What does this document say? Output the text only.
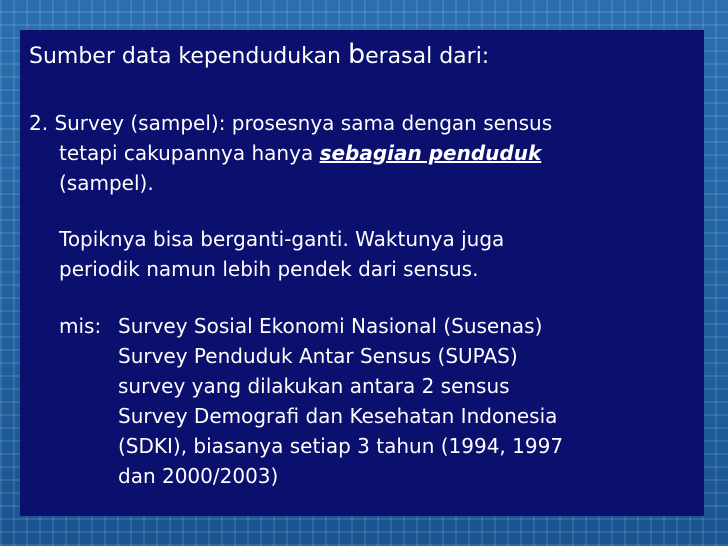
Sumber data kependudukan berasal dari:
2. Survey (sampel): prosesnya sama dengan sensus
tetapi cakupannya hanya sebagian penduduk
(sampel).
Topiknya bisa berganti-ganti. Waktunya juga
periodik namun lebih pendek dari sensus.
mis: Survey Sosial Ekonomi Nasional (Susenas)
Survey Penduduk Antar Sensus (SUPAS)
survey yang dilakukan antara 2 sensus
Survey Demografi dan Kesehatan Indonesia
(SDKI), biasanya setiap 3 tahun (1994, 1997
dan 2000/2003)
